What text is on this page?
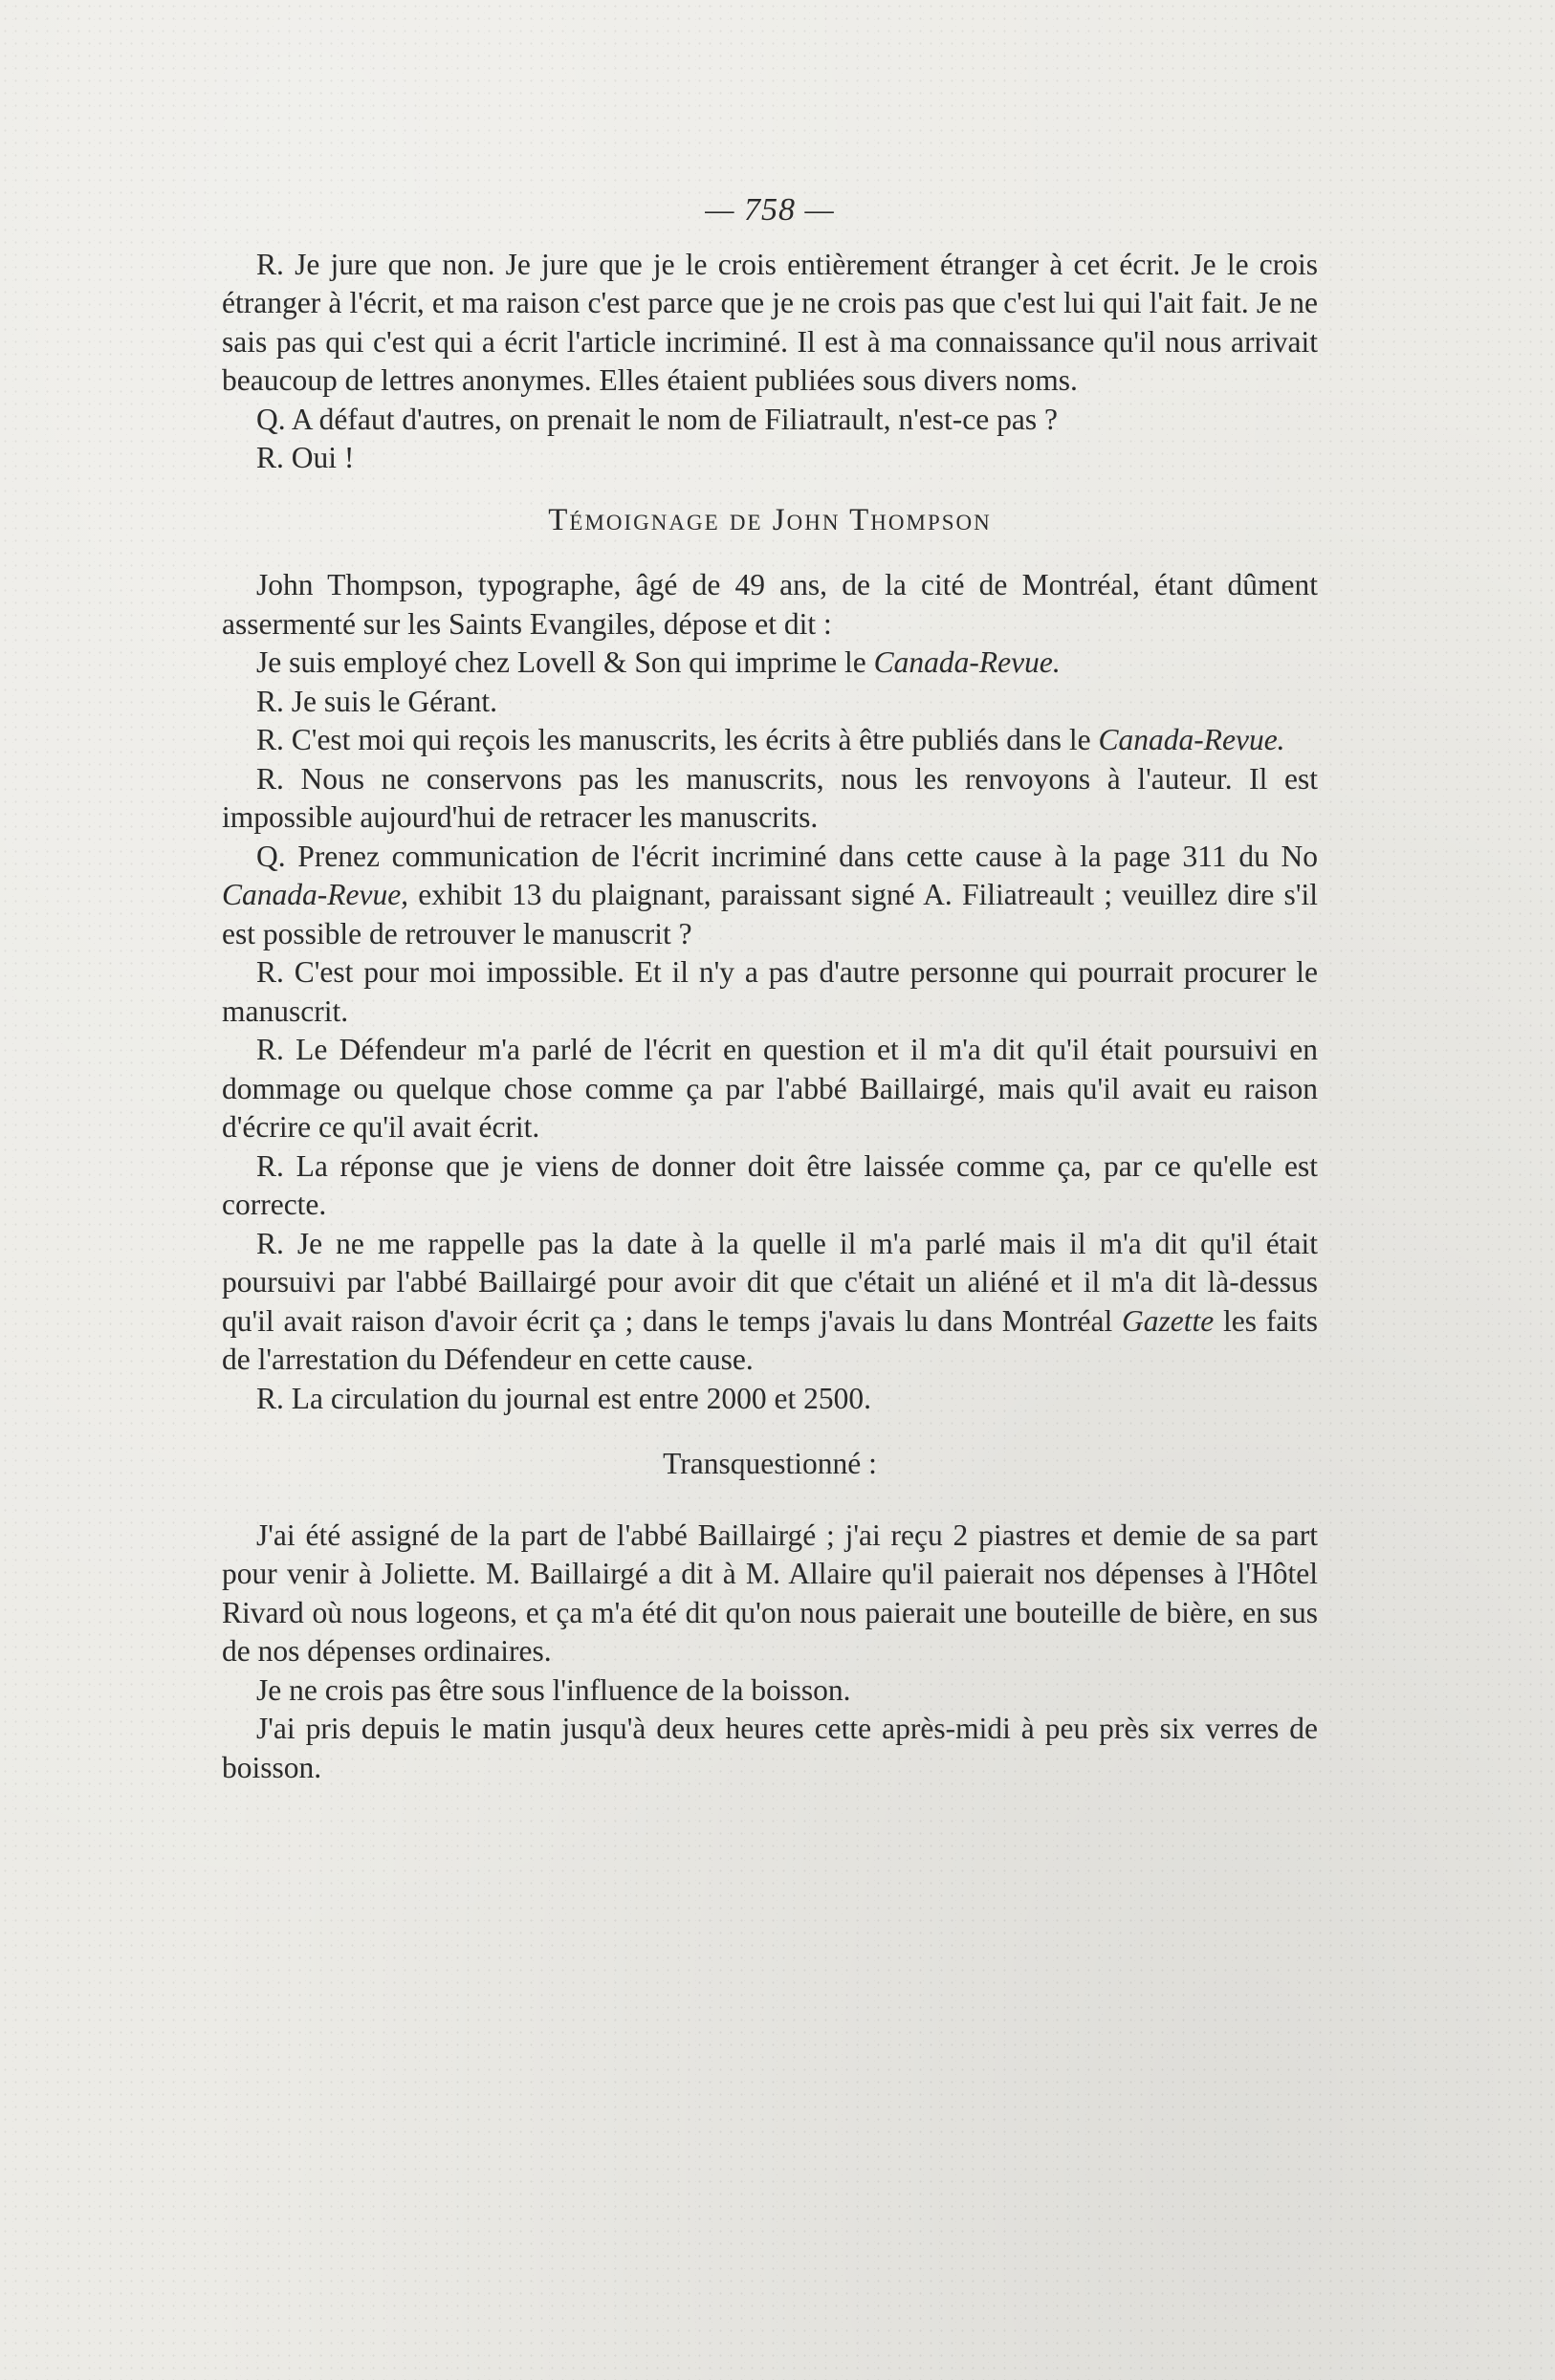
— 758 —

R. Je jure que non. Je jure que je le crois entièrement étranger à cet écrit. Je le crois étranger à l'écrit, et ma raison c'est parce que je ne crois pas que c'est lui qui l'ait fait. Je ne sais pas qui c'est qui a écrit l'article incriminé. Il est à ma connaissance qu'il nous arrivait beaucoup de lettres anonymes. Elles étaient publiées sous divers noms.

Q. A défaut d'autres, on prenait le nom de Filiatrault, n'est-ce pas ?

R. Oui !

Témoignage de John Thompson

John Thompson, typographe, âgé de 49 ans, de la cité de Montréal, étant dûment assermenté sur les Saints Evangiles, dépose et dit :

Je suis employé chez Lovell & Son qui imprime le Canada-Revue.

R. Je suis le Gérant.

R. C'est moi qui reçois les manuscrits, les écrits à être publiés dans le Canada-Revue.

R. Nous ne conservons pas les manuscrits, nous les renvoyons à l'auteur. Il est impossible aujourd'hui de retracer les manuscrits.

Q. Prenez communication de l'écrit incriminé dans cette cause à la page 311 du No Canada-Revue, exhibit 13 du plaignant, paraissant signé A. Filiatreault ; veuillez dire s'il est possible de retrouver le manuscrit ?

R. C'est pour moi impossible. Et il n'y a pas d'autre personne qui pourrait procurer le manuscrit.

R. Le Défendeur m'a parlé de l'écrit en question et il m'a dit qu'il était poursuivi en dommage ou quelque chose comme ça par l'abbé Baillairgé, mais qu'il avait eu raison d'écrire ce qu'il avait écrit.

R. La réponse que je viens de donner doit être laissée comme ça, par ce qu'elle est correcte.

R. Je ne me rappelle pas la date à la quelle il m'a parlé mais il m'a dit qu'il était poursuivi par l'abbé Baillairgé pour avoir dit que c'était un aliéné et il m'a dit là-dessus qu'il avait raison d'avoir écrit ça ; dans le temps j'avais lu dans Montréal Gazette les faits de l'arrestation du Défendeur en cette cause.

R. La circulation du journal est entre 2000 et 2500.

Transquestionné :

J'ai été assigné de la part de l'abbé Baillairgé ; j'ai reçu 2 piastres et demie de sa part pour venir à Joliette. M. Baillairgé a dit à M. Allaire qu'il paierait nos dépenses à l'Hôtel Rivard où nous logeons, et ça m'a été dit qu'on nous paierait une bouteille de bière, en sus de nos dépenses ordinaires.

Je ne crois pas être sous l'influence de la boisson.

J'ai pris depuis le matin jusqu'à deux heures cette après-midi à peu près six verres de boisson.
